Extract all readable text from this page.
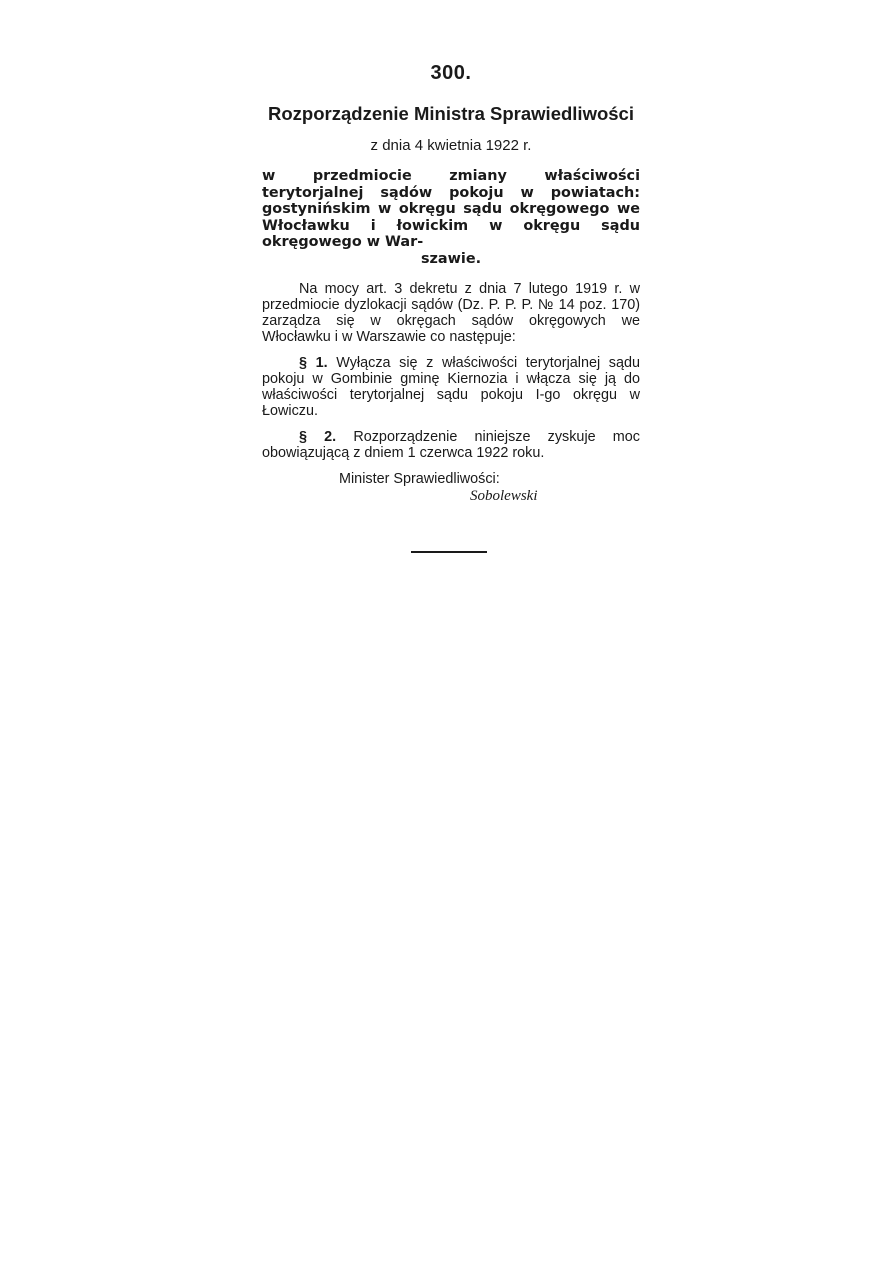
300.
Rozporządzenie Ministra Sprawiedliwości
z dnia 4 kwietnia 1922 r.
w przedmiocie zmiany właściwości terytorjalnej sądów pokoju w powiatach: gostynińskim w okręgu sądu okręgowego we Włocławku i łowickim w okręgu sądu okręgowego w War-
szawie.

Na mocy art. 3 dekretu z dnia 7 lutego 1919 r. w przedmiocie dyzlokacji sądów (Dz. P. P. P. № 14 poz. 170) zarządza się w okręgach sądów okręgowych we Włocławku i w Warszawie co następuje:

§ 1. Wyłącza się z właściwości terytorjalnej sądu pokoju w Gombinie gminę Kiernozia i włącza się ją do właściwości terytorjalnej sądu pokoju I-go okręgu w Łowiczu.

§ 2. Rozporządzenie niniejsze zyskuje moc obowiązującą z dniem 1 czerwca 1922 roku.

Minister Sprawiedliwości:
Sobolewski
